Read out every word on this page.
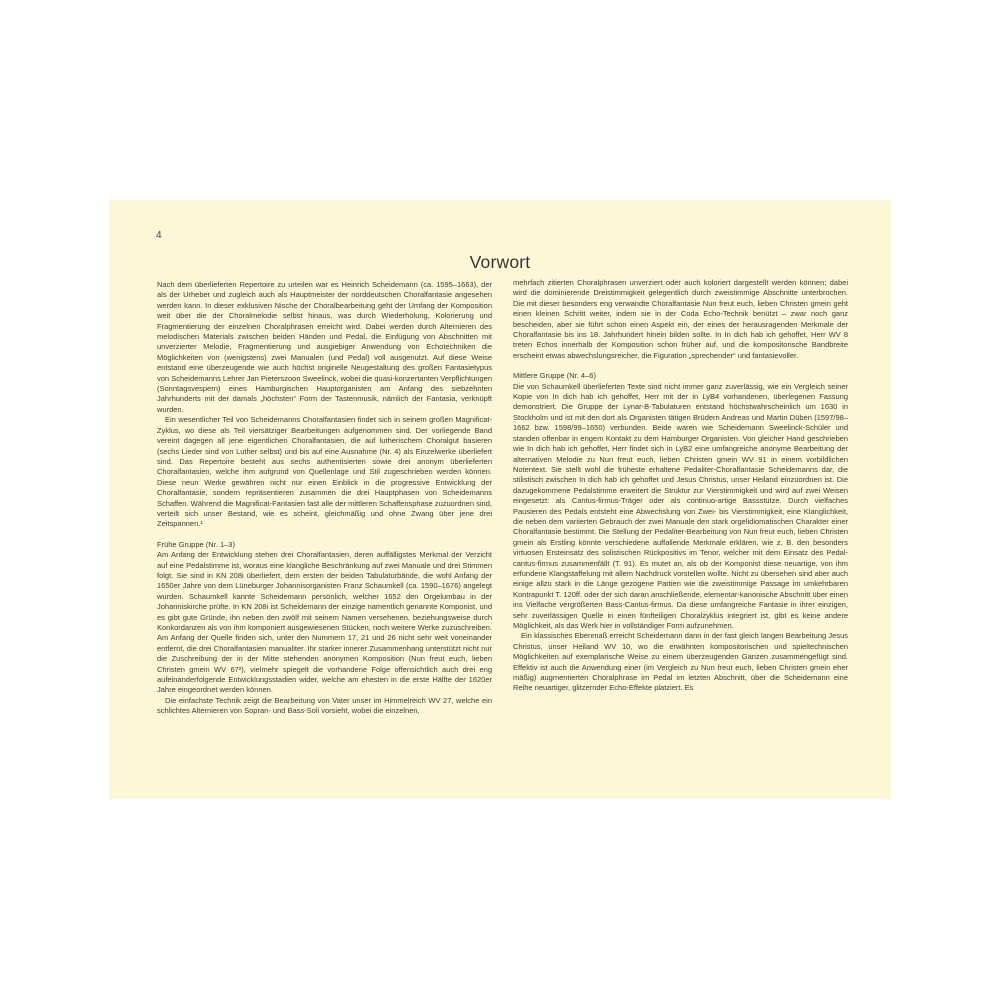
4
Vorwort

Nach dem überlieferten Repertoire zu urteilen war es Heinrich Scheidemann (ca. 1595–1663), der als der Urheber und zugleich auch als Hauptmeister der norddeutschen Choralfantasie angesehen werden kann. In dieser exklusiven Nische der Choralbearbeitung geht der Umfang der Komposition weit über die der Choralmelodie selbst hinaus, was durch Wiederholung, Kolorierung und Fragmentierung der einzelnen Choralphrasen erreicht wird. Dabei werden durch Alternieren des melodischen Materials zwischen beiden Händen und Pedal, die Einfügung von Abschnitten mit unverzierter Melodie, Fragmentierung und ausgiebiger Anwendung von Echotechniken die Möglichkeiten von (wenigstens) zwei Manualen (und Pedal) voll ausgenutzt. Auf diese Weise entstand eine überzeugende wie auch höchst originelle Neugestaltung des großen Fantasietypus von Scheidemanns Lehrer Jan Pieterszoon Sweelinck, wobei die quasi-konzertanten Verpflichtungen (Sonntagsvespern) eines Hamburgischen Hauptorganisten am Anfang des siebzehnten Jahrhunderts mit der damals „höchsten“ Form der Tastenmusik, nämlich der Fantasia, verknüpft wurden.

Ein wesentlicher Teil von Scheidemanns Choralfantasien findet sich in seinem großen Magnificat-Zyklus, wo diese als Teil viersätziger Bearbeitungen aufgenommen sind. Der vorliegende Band vereint dagegen all jene eigentlichen Choralfantasien, die auf lutherischem Choralgut basieren (sechs Lieder sind von Luther selbst) und bis auf eine Ausnahme (Nr. 4) als Einzelwerke überliefert sind. Das Repertoire besteht aus sechs authentisierten sowie drei anonym überlieferten Choralfantasien, welche ihm aufgrund von Quellenlage und Stil zugeschrieben werden können. Diese neun Werke gewähren nicht nur einen Einblick in die progressive Entwicklung der Choralfantasie, sondern repräsentieren zusammen die drei Hauptphasen von Scheidemanns Schaffen. Während die Magnificat-Fantasien fast alle der mittleren Schaffensphase zuzuordnen sind, verteilt sich unser Bestand, wie es scheint, gleichmäßig und ohne Zwang über jene drei Zeitspannen.¹

Frühe Gruppe (Nr. 1–3)

Am Anfang der Entwicklung stehen drei Choralfantasien, deren auffälligstes Merkmal der Verzicht auf eine Pedalstimme ist, woraus eine klangliche Beschränkung auf zwei Manuale und drei Stimmen folgt. Sie sind in KN 208i überliefert, dem ersten der beiden Tabulaturbände, die wohl Anfang der 1650er Jahre von dem Lüneburger Johannisorganisten Franz Schaumkell (ca. 1590–1676) angelegt wurden. Schaumkell kannte Scheidemann persönlich, welcher 1652 den Orgelumbau in der Johanniskirche prüfte. In KN 208i ist Scheidemann der einzige namentlich genannte Komponist, und es gibt gute Gründe, ihn neben den zwölf mit seinem Namen versehenen, beziehungsweise durch Konkordanzen als von ihm komponiert ausgewiesenen Stücken, noch weitere Werke zuzuschreiben. Am Anfang der Quelle finden sich, unter den Nummern 17, 21 und 26 nicht sehr weit voneinander entfernt, die drei Choralfantasien manualiter. Ihr starker innerer Zusammenhang unterstützt nicht nur die Zuschreibung der in der Mitte stehenden anonymen Komposition (Nun freut euch, lieben Christen gmein WV 67²), vielmehr spiegelt die vorhandene Folge offensichtlich auch drei eng aufeinanderfolgende Entwicklungsstadien wider, welche am ehesten in die erste Hälfte der 1620er Jahre eingeordnet werden können.

Die einfachste Technik zeigt die Bearbeitung von Vater unser im Himmelreich WV 27, welche ein schlichtes Alternieren von Sopran- und Bass-Soli vorsieht, wobei die einzelnen,

mehrfach zitierten Choralphrasen unverziert oder auch koloriert dargestellt werden können; dabei wird die dominierende Dreistimmigkeit gelegentlich durch zweistimmige Abschnitte unterbrochen. Die mit dieser besonders eng verwandte Choralfantasie Nun freut euch, lieben Christen gmein geht einen kleinen Schritt weiter, indem sie in der Coda Echo-Technik benützt – zwar noch ganz bescheiden, aber sie führt schon einen Aspekt ein, der eines der herausragenden Merkmale der Choralfantasie bis ins 18. Jahrhundert hinein bilden sollte. In In dich hab ich gehoffet, Herr WV 8 treten Echos innerhalb der Komposition schon früher auf, und die kompositorische Bandbreite erscheint etwas abwechslungsreicher, die Figuration „sprechender“ und fantasievoller.

Mittlere Gruppe (Nr. 4–6)

Die von Schaumkell überlieferten Texte sind nicht immer ganz zuverlässig, wie ein Vergleich seiner Kopie von In dich hab ich gehoffet, Herr mit der in LyB4 vorhandenen, überlegenen Fassung demonstriert. Die Gruppe der Lynar-B-Tabulaturen entstand höchstwahrscheinlich um 1630 in Stockholm und ist mit den dort als Organisten tätigen Brüdern Andreas und Martin Düben (1597/98–1662 bzw. 1598/99–1650) verbunden. Beide waren wie Scheidemann Sweelinck-Schüler und standen offenbar in engem Kontakt zu dem Hamburger Organisten. Von gleicher Hand geschrieben wie In dich hab ich gehoffet, Herr findet sich in LyB2 eine umfangreiche anonyme Bearbeitung der alternativen Melodie zu Nun freut euch, lieben Christen gmein WV 91 in einem vorbildlichen Notentext. Sie stellt wohl die früheste erhaltene Pedaliter-Choralfantasie Scheidemanns dar, die stilistisch zwischen In dich hab ich gehoffet und Jesus Christus, unser Heiland einzuordnen ist. Die dazugekommene Pedalstimme erweitert die Struktur zur Vierstimmigkeit und wird auf zwei Weisen eingesetzt: als Cantus-firmus-Träger oder als continuo-artige Bassstütze. Durch vielfaches Pausieren des Pedals entsteht eine Abwechslung von Zwei- bis Vierstimmigkeit, eine Klanglichkeit, die neben dem variierten Gebrauch der zwei Manuale den stark orgelidiomatischen Charakter einer Choralfantasie bestimmt. Die Stellung der Pedaliter-Bearbeitung von Nun freut euch, lieben Christen gmein als Erstling könnte verschiedene auffallende Merkmale erklären, wie z. B. den besonders virtuosen Ersteinsatz des solistischen Rückpositivs im Tenor, welcher mit dem Einsatz des Pedal-cantus-firmus zusammenfällt (T. 91). Es mutet an, als ob der Komponist diese neuartige, von ihm erfundene Klangstaffelung mit allem Nachdruck vorstellen wollte. Nicht zu übersehen sind aber auch einige allzu stark in die Länge gezogene Partien wie die zweistimmige Passage im umkehrbaren Kontrapunkt T. 120ff. oder der sich daran anschließende, elementar-kanonische Abschnitt über einen ins Vielfache vergrößerten Bass-Cantus-firmus. Da diese umfangreiche Fantasie in ihrer einzigen, sehr zuverlässigen Quelle in einen fünfteiligen Choralzyklus integriert ist, gibt es keine andere Möglichkeit, als das Werk hier in vollständiger Form aufzunehmen.

Ein klassisches Ebenmaß erreicht Scheidemann dann in der fast gleich langen Bearbeitung Jesus Christus, unser Heiland WV 10, wo die erwähnten kompositorischen und spieltechnischen Möglichkeiten auf exemplarische Weise zu einem überzeugenden Ganzen zusammengefügt sind. Effektiv ist auch die Anwendung einer (im Vergleich zu Nun freut euch, lieben Christen gmein eher mäßig) augmentierten Choralphrase im Pedal im letzten Abschnitt, über die Scheidemann eine Reihe neuartiger, glitzernder Echo-Effekte platziert. Es
